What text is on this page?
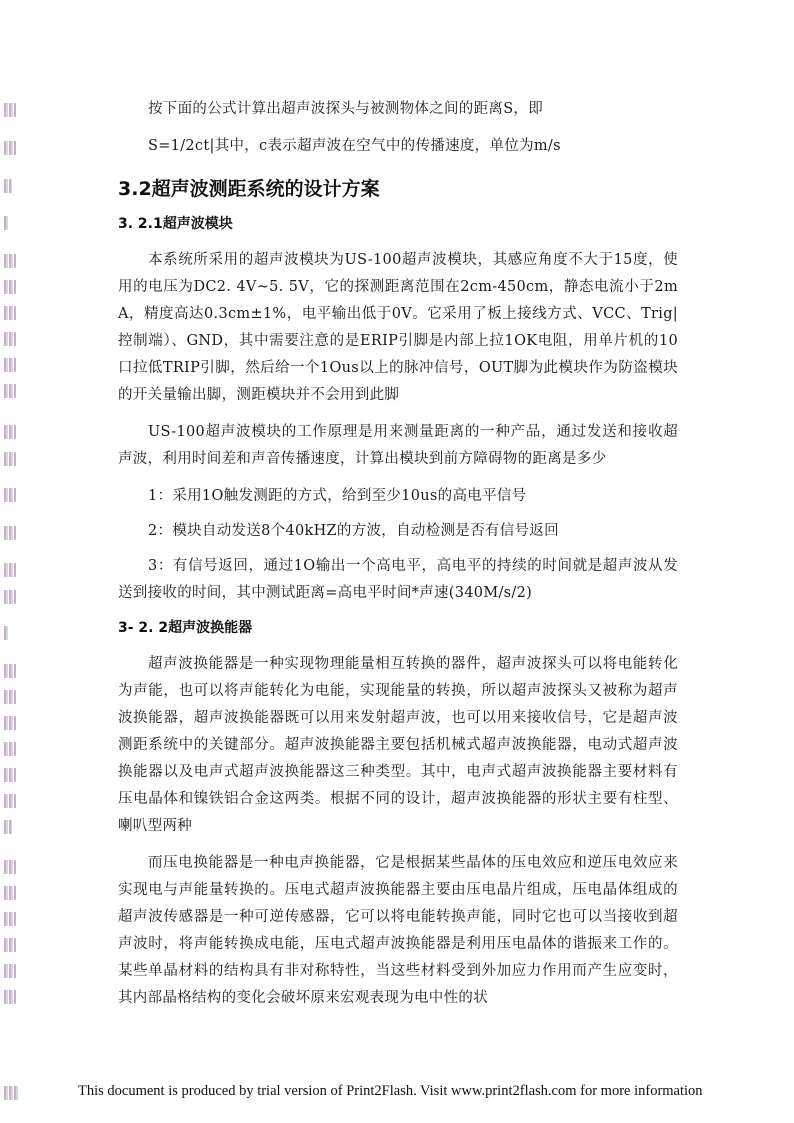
按下面的公式计算出超声波探头与被测物体之间的距离S，即

S=1/2ct|其中，c表示超声波在空气中的传播速度，单位为m/s

3.2超声波测距系统的设计方案
3. 2.1超声波模块

本系统所采用的超声波模块为US-100超声波模块，其感应角度不大于15度，使用的电压为DC2. 4V~5. 5V，它的探测距离范围在2cm-450cm，静态电流小于2mA，精度高达0.3cm±1%，电平输出低于0V。它采用了板上接线方式、VCC、Trig|控制端）、GND，其中需要注意的是ERIP引脚是内部上拉1OK电阻，用单片机的10 口拉低TRIP引脚，然后给一个1Ous以上的脉冲信号，OUT脚为此模块作为防盗模块的开关量输出脚，测距模块并不会用到此脚

US-100超声波模块的工作原理是用来测量距离的一种产品，通过发送和接收超声波，利用时间差和声音传播速度，计算出模块到前方障碍物的距离是多少

1：采用1O触发测距的方式，给到至少10us的高电平信号

2：模块自动发送8个40kHZ的方波，自动检测是否有信号返回

3：有信号返回，通过1O输出一个高电平，高电平的持续的时间就是超声波从发送到接收的时间，其中测试距离=高电平时间*声速(340M/s/2)

3- 2. 2超声波换能器

超声波换能器是一种实现物理能量相互转换的器件，超声波探头可以将电能转化为声能，也可以将声能转化为电能，实现能量的转换，所以超声波探头又被称为超声波换能器，超声波换能器既可以用来发射超声波，也可以用来接收信号，它是超声波测距系统中的关键部分。超声波换能器主要包括机械式超声波换能器，电动式超声波换能器以及电声式超声波换能器这三种类型。其中，电声式超声波换能器主要材料有压电晶体和镍铁铝合金这两类。根据不同的设计，超声波换能器的形状主要有柱型、喇叭型两种

而压电换能器是一种电声换能器，它是根据某些晶体的压电效应和逆压电效应来实现电与声能量转换的。压电式超声波换能器主要由压电晶片组成，压电晶体组成的超声波传感器是一种可逆传感器，它可以将电能转换声能，同时它也可以当接收到超声波时，将声能转换成电能，压电式超声波换能器是利用压电晶体的谐振来工作的。某些单晶材料的结构具有非对称特性，当这些材料受到外加应力作用而产生应变时，其内部晶格结构的变化会破坏原来宏观表现为电中性的状

This document is produced by trial version of Print2Flash. Visit www.print2flash.com for more information
